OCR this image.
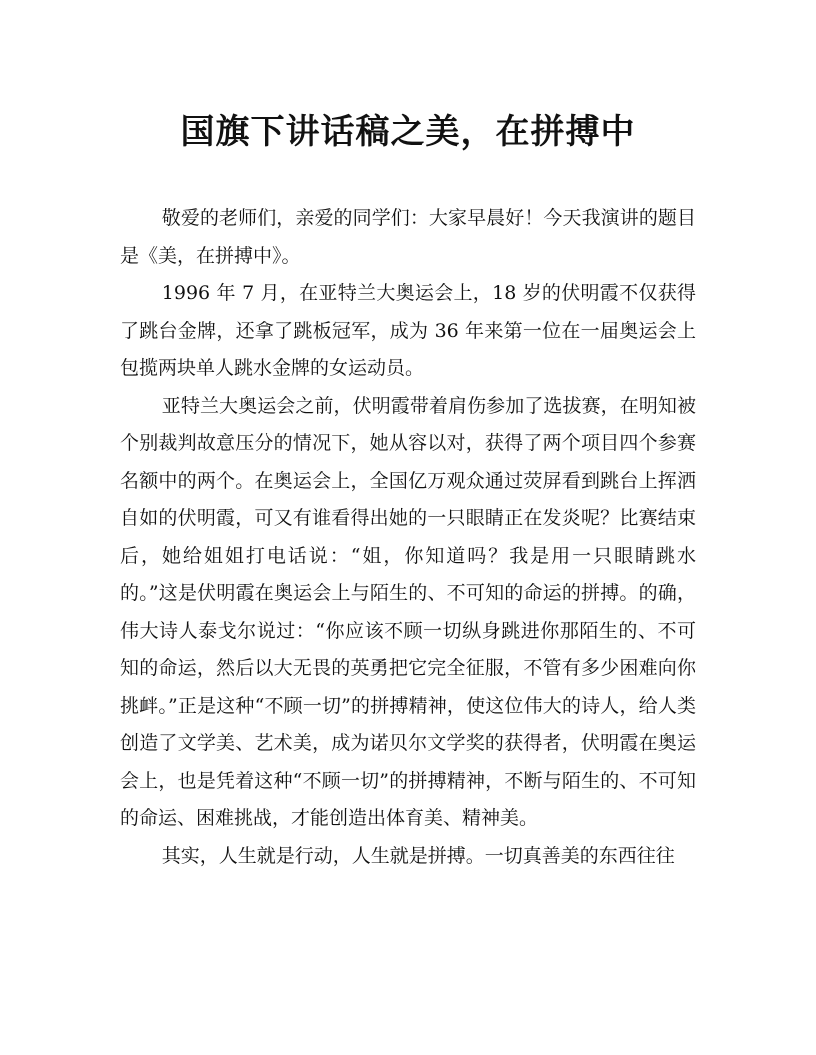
国旗下讲话稿之美，在拼搏中

敬爱的老师们，亲爱的同学们：大家早晨好！今天我演讲的题目是《美，在拼搏中》。

1996 年 7 月，在亚特兰大奥运会上，18 岁的伏明霞不仅获得了跳台金牌，还拿了跳板冠军，成为 36 年来第一位在一届奥运会上包揽两块单人跳水金牌的女运动员。

亚特兰大奥运会之前，伏明霞带着肩伤参加了选拔赛，在明知被个别裁判故意压分的情况下，她从容以对，获得了两个项目四个参赛名额中的两个。在奥运会上，全国亿万观众通过荧屏看到跳台上挥洒自如的伏明霞，可又有谁看得出她的一只眼睛正在发炎呢？比赛结束后，她给姐姐打电话说：“姐，你知道吗？我是用一只眼睛跳水的。”这是伏明霞在奥运会上与陌生的、不可知的命运的拼搏。的确，伟大诗人泰戈尔说过：“你应该不顾一切纵身跳进你那陌生的、不可知的命运，然后以大无畏的英勇把它完全征服，不管有多少困难向你挑衅。”正是这种“不顾一切”的拼搏精神，使这位伟大的诗人，给人类创造了文学美、艺术美，成为诺贝尔文学奖的获得者，伏明霞在奥运会上，也是凭着这种“不顾一切”的拼搏精神，不断与陌生的、不可知的命运、困难挑战，才能创造出体育美、精神美。

其实，人生就是行动，人生就是拼搏。一切真善美的东西往往
